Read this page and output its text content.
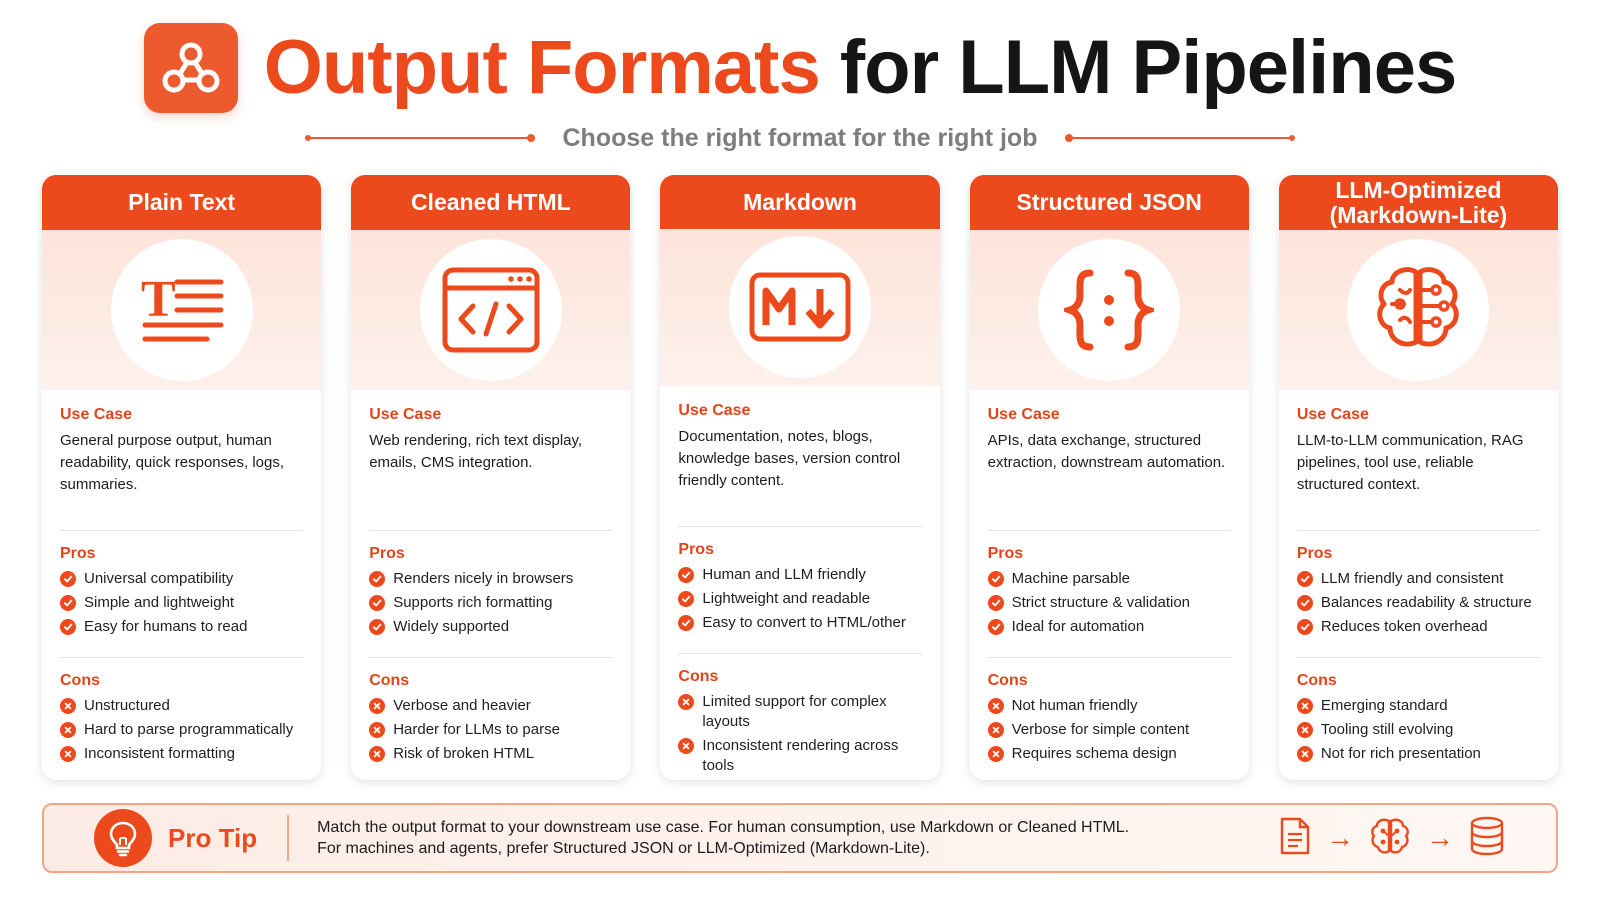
Output Formats for LLM Pipelines
Choose the right format for the right job
Plain Text
T
Use Case
General purpose output, human readability, quick responses, logs, summaries.
Pros
Universal compatibility
Simple and lightweight
Easy for humans to read
Cons
Unstructured
Hard to parse programmatically
Inconsistent formatting
Cleaned HTML
Use Case
Web rendering, rich text display, emails, CMS integration.
Pros
Renders nicely in browsers
Supports rich formatting
Widely supported
Cons
Verbose and heavier
Harder for LLMs to parse
Risk of broken HTML
Markdown
Use Case
Documentation, notes, blogs, knowledge bases, version control friendly content.
Pros
Human and LLM friendly
Lightweight and readable
Easy to convert to HTML/other
Cons
Limited support for complex layouts
Inconsistent rendering across tools
Structured JSON
Use Case
APIs, data exchange, structured extraction, downstream automation.
Pros
Machine parsable
Strict structure & validation
Ideal for automation
Cons
Not human friendly
Verbose for simple content
Requires schema design
LLM-Optimized (Markdown-Lite)
Use Case
LLM-to-LLM communication, RAG pipelines, tool use, reliable structured context.
Pros
LLM friendly and consistent
Balances readability & structure
Reduces token overhead
Cons
Emerging standard
Tooling still evolving
Not for rich presentation
Pro Tip	Match the output format to your downstream use case. For human consumption, use Markdown or Cleaned HTML.
For machines and agents, prefer Structured JSON or LLM-Optimized (Markdown-Lite).	→	→
